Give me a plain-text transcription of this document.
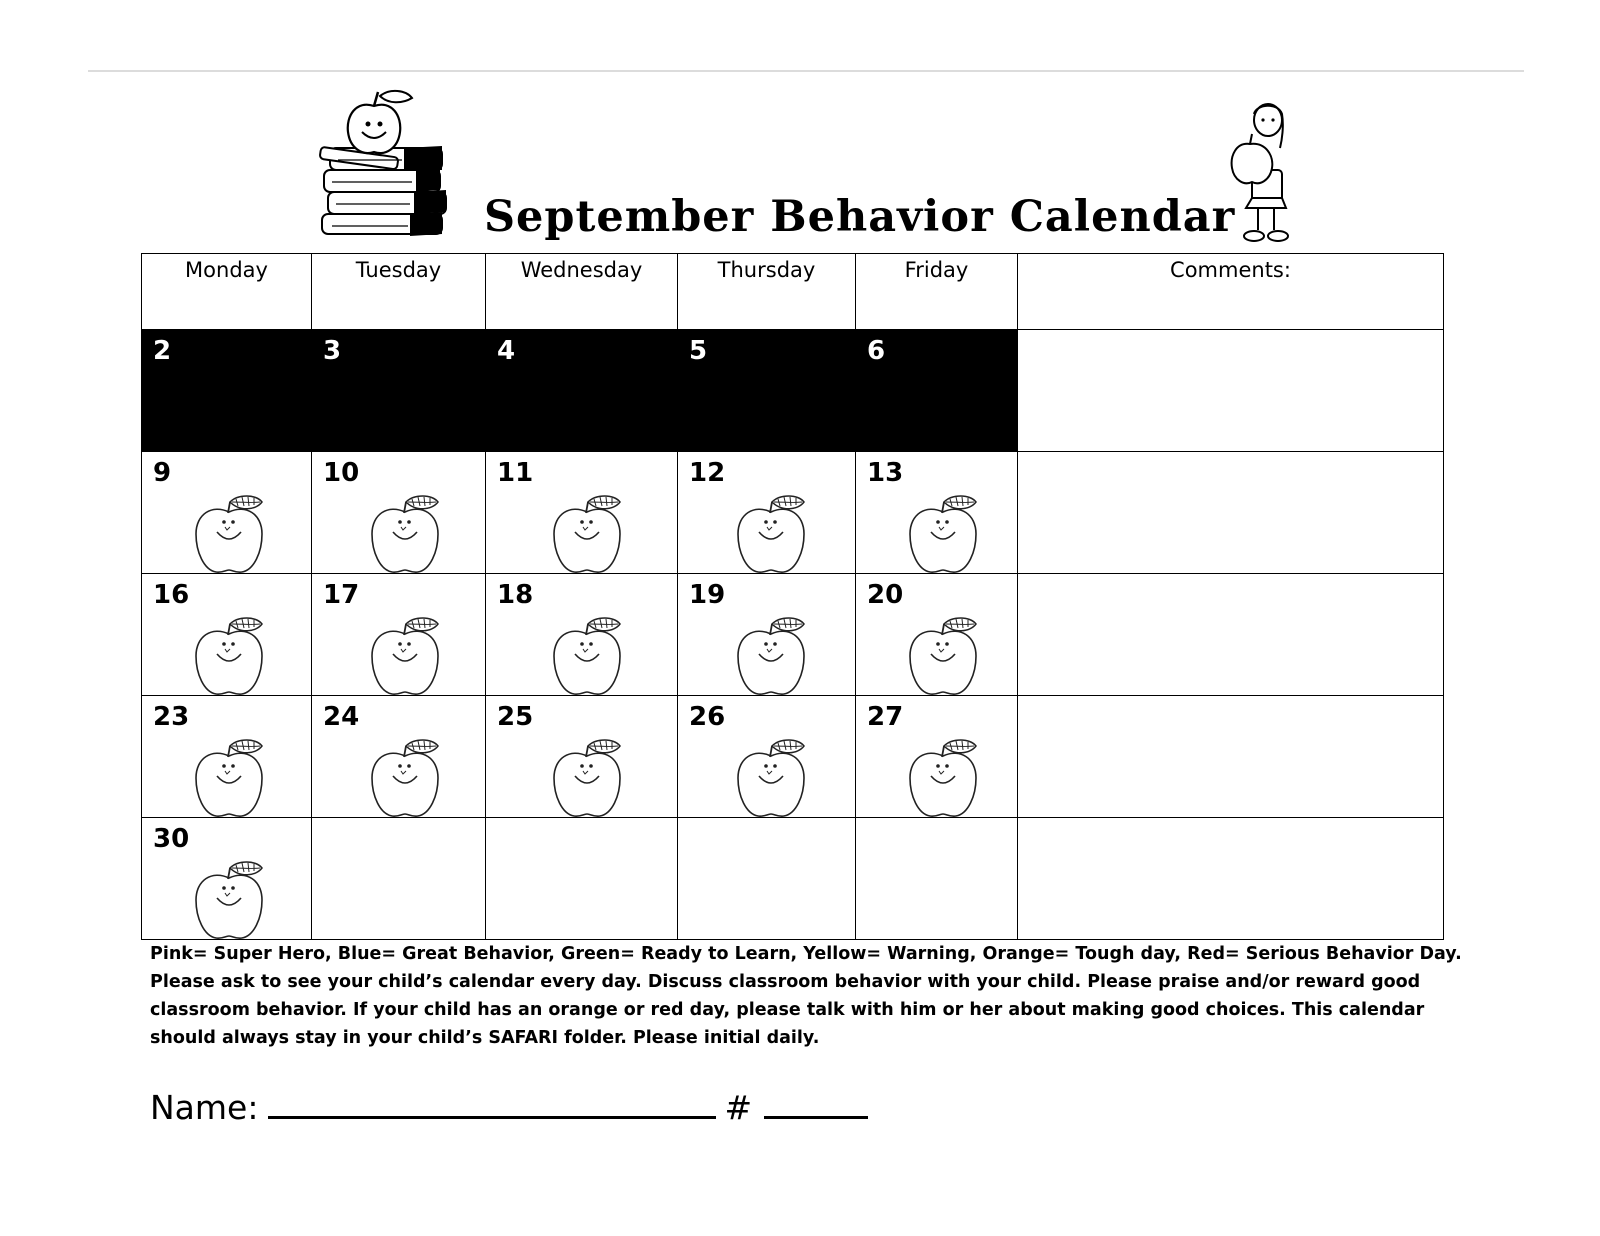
September Behavior Calendar
Monday	Tuesday	Wednesday	Thursday	Friday	Comments:

2	3	4	5	6	

9	10	11	12	13	

16	17	18	19	20	

23	24	25	26	27	

30					

Pink= Super Hero, Blue= Great Behavior, Green= Ready to Learn, Yellow= Warning, Orange= Tough day, Red= Serious Behavior Day.

Please ask to see your child’s calendar every day. Discuss classroom behavior with your child. Please praise and/or reward good classroom behavior. If your child has an orange or red day, please talk with him or her about making good choices. This calendar should always stay in your child’s SAFARI folder. Please initial daily.

Name:	#
